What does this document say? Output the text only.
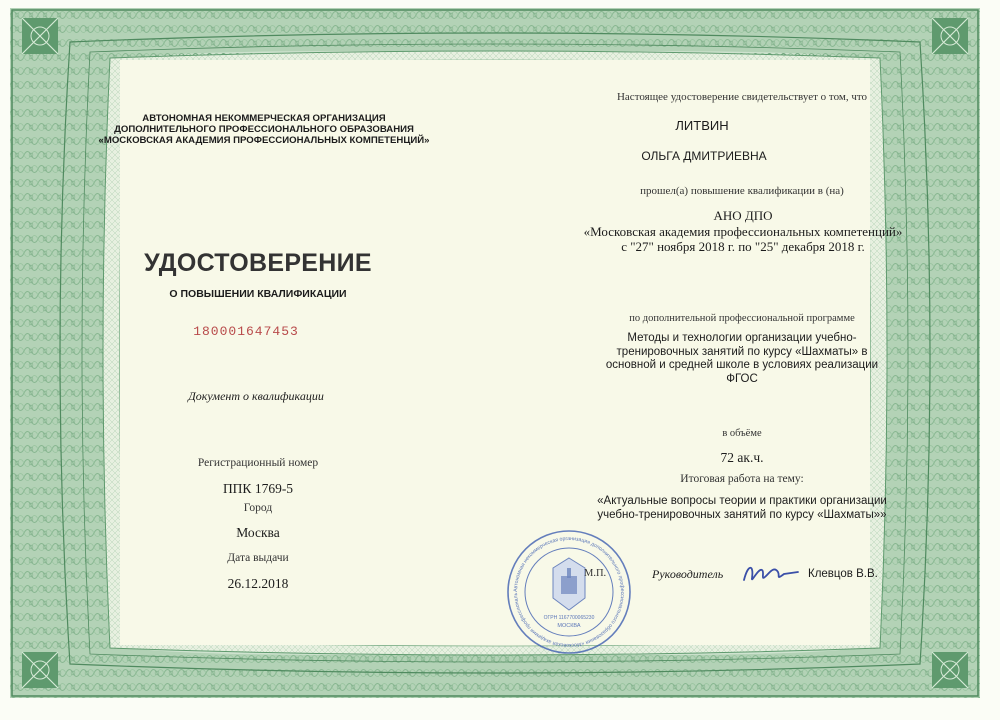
АВТОНОМНАЯ НЕКОММЕРЧЕСКАЯ ОРГАНИЗАЦИЯ
ДОПОЛНИТЕЛЬНОГО ПРОФЕССИОНАЛЬНОГО ОБРАЗОВАНИЯ
«МОСКОВСКАЯ АКАДЕМИЯ ПРОФЕССИОНАЛЬНЫХ КОМПЕТЕНЦИЙ»
УДОСТОВЕРЕНИЕ
О ПОВЫШЕНИИ КВАЛИФИКАЦИИ
180001647453
Документ о квалификации
Регистрационный номер
ППК 1769-5
Город
Москва
Дата выдачи
26.12.2018
Настоящее удостоверение свидетельствует о том, что
ЛИТВИН
ОЛЬГА ДМИТРИЕВНА
прошел(а) повышение квалификации в (на)
АНО ДПО
«Московская академия профессиональных компетенций»
с "27" ноября 2018 г. по "25" декабря 2018 г.
по дополнительной профессиональной программе
Методы и технологии организации учебно-
тренировочных занятий по курсу «Шахматы» в
основной и средней школе в условиях реализации
ФГОС
в объёме
72 ак.ч.
Итоговая работа на тему:
«Актуальные вопросы теории и практики организации
учебно-тренировочных занятий по курсу «Шахматы»»
Автономная некоммерческая организация дополнительного профессионального образования «Московская академия профессиональ
ОГРН 1167700065230
МОСКВА
М.П.	Руководитель	Клевцов В.В.
